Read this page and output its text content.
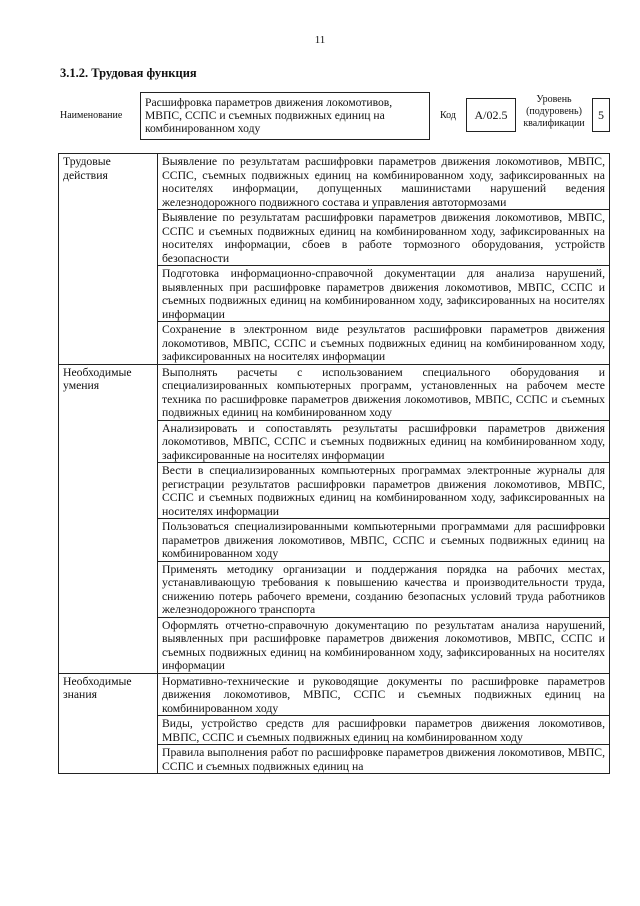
11
3.1.2. Трудовая функция
Наименование
Расшифровка параметров движения локомотивов, МВПС, ССПС и съемных подвижных единиц на комбинированном ходу
Код	A/02.5
Уровень (подуровень) квалификации
5
Трудовые действия	Выявление по результатам расшифровки параметров движения локомотивов, МВПС, ССПС, съемных подвижных единиц на комбинированном ходу, зафиксированных на носителях информации, допущенных машинистами нарушений ведения железнодорожного подвижного состава и управления автотормозами
	Выявление по результатам расшифровки параметров движения локомотивов, МВПС, ССПС и съемных подвижных единиц на комбинированном ходу, зафиксированных на носителях информации, сбоев в работе тормозного оборудования, устройств безопасности
	Подготовка информационно-справочной документации для анализа нарушений, выявленных при расшифровке параметров движения локомотивов, МВПС, ССПС и съемных подвижных единиц на комбинированном ходу, зафиксированных на носителях информации
	Сохранение в электронном виде результатов расшифровки параметров движения локомотивов, МВПС, ССПС и съемных подвижных единиц на комбинированном ходу, зафиксированных на носителях информации
Необходимые умения	Выполнять расчеты с использованием специального оборудования и специализированных компьютерных программ, установленных на рабочем месте техника по расшифровке параметров движения локомотивов, МВПС, ССПС и съемных подвижных единиц на комбинированном ходу
	Анализировать и сопоставлять результаты расшифровки параметров движения локомотивов, МВПС, ССПС и съемных подвижных единиц на комбинированном ходу, зафиксированные на носителях информации
	Вести в специализированных компьютерных программах электронные журналы для регистрации результатов расшифровки параметров движения локомотивов, МВПС, ССПС и съемных подвижных единиц на комбинированном ходу, зафиксированных на носителях информации
	Пользоваться специализированными компьютерными программами для расшифровки параметров движения локомотивов, МВПС, ССПС и съемных подвижных единиц на комбинированном ходу
	Применять методику организации и поддержания порядка на рабочих местах, устанавливающую требования к повышению качества и производительности труда, снижению потерь рабочего времени, созданию безопасных условий труда работников железнодорожного транспорта
	Оформлять отчетно-справочную документацию по результатам анализа нарушений, выявленных при расшифровке параметров движения локомотивов, МВПС, ССПС и съемных подвижных единиц на комбинированном ходу, зафиксированных на носителях информации
Необходимые знания	Нормативно-технические и руководящие документы по расшифровке параметров движения локомотивов, МВПС, ССПС и съемных подвижных единиц на комбинированном ходу
	Виды, устройство средств для расшифровки параметров движения локомотивов, МВПС, ССПС и съемных подвижных единиц на комбинированном ходу
	Правила выполнения работ по расшифровке параметров движения локомотивов, МВПС, ССПС и съемных подвижных единиц на
